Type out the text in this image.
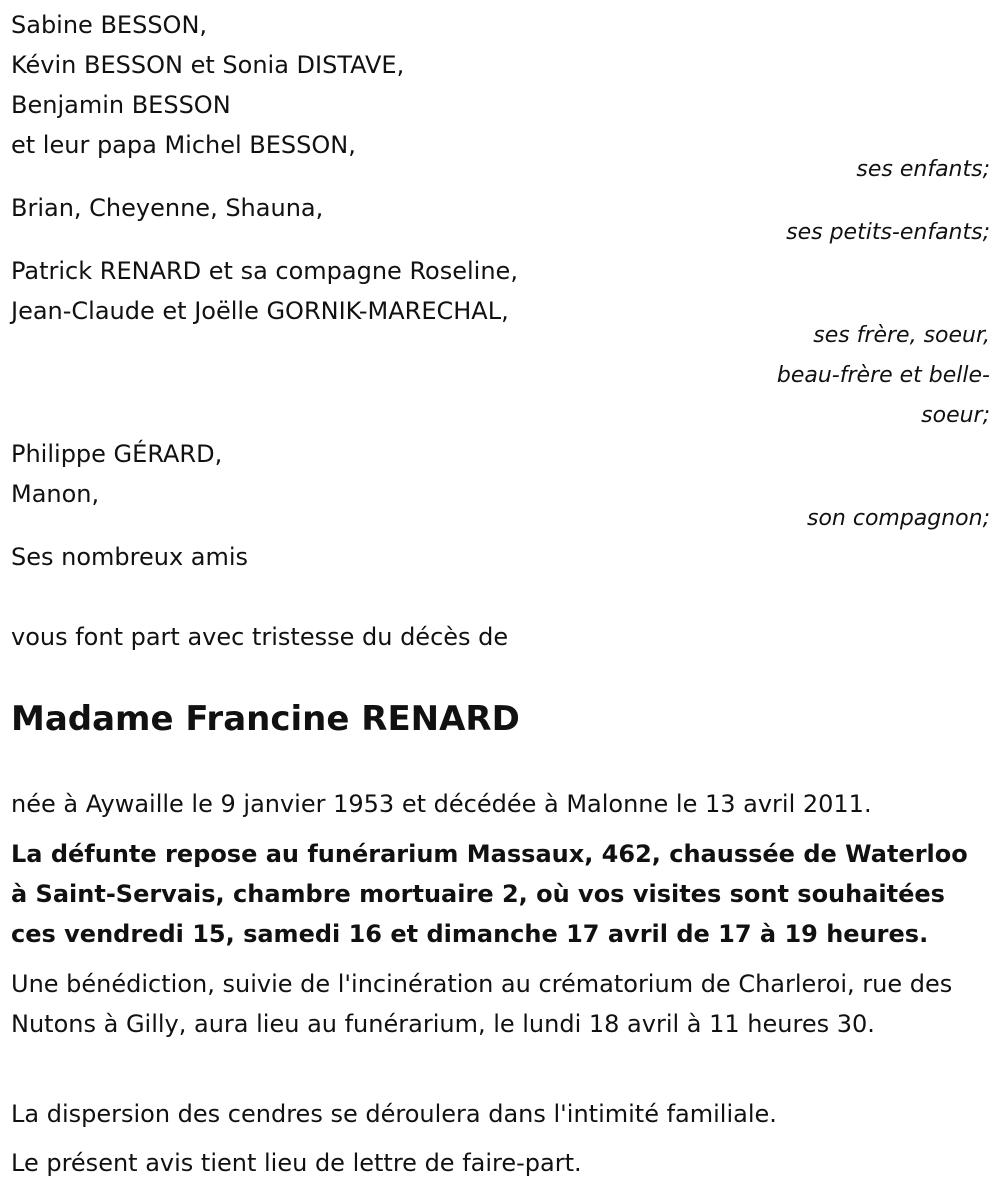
Sabine BESSON,
Kévin BESSON et Sonia DISTAVE,
Benjamin BESSON
et leur papa Michel BESSON,
ses enfants;
Brian, Cheyenne, Shauna,
ses petits-enfants;
Patrick RENARD et sa compagne Roseline,
Jean-Claude et Joëlle GORNIK-MARECHAL,
ses frère, soeur,
beau-frère et belle-
soeur;
Philippe GÉRARD,
Manon,
son compagnon;
Ses nombreux amis
vous font part avec tristesse du décès de
Madame Francine RENARD
née à Aywaille le 9 janvier 1953 et décédée à Malonne le 13 avril 2011.
La défunte repose au funérarium Massaux, 462, chaussée de Waterloo à Saint-Servais, chambre mortuaire 2, où vos visites sont souhaitées ces vendredi 15, samedi 16 et dimanche 17 avril de 17 à 19 heures.
Une bénédiction, suivie de l'incinération au crématorium de Charleroi, rue des Nutons à Gilly, aura lieu au funérarium, le lundi 18 avril à 11 heures 30.
La dispersion des cendres se déroulera dans l'intimité familiale.
Le présent avis tient lieu de lettre de faire-part.
